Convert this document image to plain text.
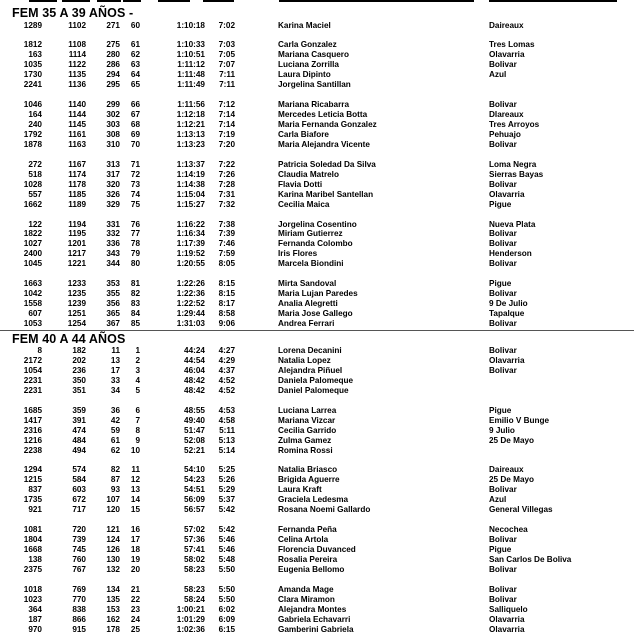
FEM 35 A 39 AÑOS -
FEM 40 A 44 AÑOS
1289	1102 271 60	1:10:18 7:02	Karina Maciel	Daireaux
1812	1108 275 61	1:10:33 7:03	Carla Gonzalez	Tres Lomas
163	1114 280 62	1:10:51 7:05	Mariana Casquero	Olavarria
1035	1122 286 63	1:11:12 7:07	Luciana Zorrilla	Bolivar
1730	1135 294 64	1:11:48 7:11	Laura Dipinto	Azul
2241	1136 295 65	1:11:49 7:11	Jorgelina Santillan
1046	1140 299 66	1:11:56 7:12	Mariana Ricabarra	Bolivar
164	1144 302 67	1:12:18 7:14	Mercedes Leticia Botta	Dlareaux
240	1145 303 68	1:12:21 7:14	Maria Fernanda Gonzalez	Tres Arroyos
1792	1161 308 69	1:13:13 7:19	Carla Biafore	Pehuajo
1878	1163 310 70	1:13:23 7:20	Maria Alejandra Vicente	Bolivar
272	1167 313 71	1:13:37 7:22	Patricia Soledad Da Silva	Loma Negra
518	1174 317 72	1:14:19 7:26	Claudia Matrelo	Sierras Bayas
1028	1178 320 73	1:14:38 7:28	Flavia Dotti	Bolivar
557	1185 326 74	1:15:04 7:31	Karina Maribel Santellan	Olavarria
1662	1189 329 75	1:15:27 7:32	Cecilia Maica	Pigue
122	1194 331 76	1:16:22 7:38	Jorgelina Cosentino	Nueva Plata
1822	1195 332 77	1:16:34 7:39	Miriam Gutierrez	Bolivar
1027	1201 336 78	1:17:39 7:46	Fernanda Colombo	Bolivar
2400	1217 343 79	1:19:52 7:59	Iris Flores	Henderson
1045	1221 344 80	1:20:55 8:05	Marcela Biondini	Bolivar
1663	1233 353 81	1:22:26 8:15	Mirta Sandoval	Pigue
1042	1235 355 82	1:22:36 8:15	Maria Lujan Paredes	Bolivar
1558	1239 356 83	1:22:52 8:17	Analia Alegretti	9 De Julio
607	1251 365 84	1:29:44 8:58	Maria Jose Gallego	Tapalque
1053	1254 367 85	1:31:03 9:06	Andrea Ferrari	Bolivar
8	182	11 1	44:24 4:27	Lorena Decanini	Bolivar
2172	202	13 2	44:54 4:29	Natalia Lopez	Olavarria
1054	236	17 3	46:04 4:37	Alejandra Piñuel	Bolivar
2231	350	33 4	48:42 4:52	Daniela Palomeque
2231	351	34 5	48:42 4:52	Daniel Palomeque
1685	359	36 6	48:55 4:53	Luciana Larrea	Pigue
1417	391	42 7	49:40 4:58	Mariana Vizcar	Emilio V Bunge
2316	474	59 8	51:47 5:11	Cecilia Garrido	9 Julio
1216	484	61 9	52:08 5:13	Zulma Gamez	25 De Mayo
2238	494	62 10	52:21 5:14	Romina Rossi
1294	574	82 11	54:10 5:25	Natalia Briasco	Daireaux
1215	584	87 12	54:23 5:26	Brigida Aguerre	25 De Mayo
837	603	93 13	54:51 5:29	Laura Kraft	Bolivar
1735	672 107 14	56:09 5:37	Graciela Ledesma	Azul
921	717 120 15	56:57 5:42	Rosana Noemi Gallardo	General Villegas
1081	720 121 16	57:02 5:42	Fernanda Peña	Necochea
1804	739 124 17	57:36 5:46	Celina Artola	Bolivar
1668	745 126 18	57:41 5:46	Florencia Duvanced	Pigue
138	760 130 19	58:02 5:48	Rosalia Pereira	San Carlos De Boliva
2375	767 132 20	58:23 5:50	Eugenia Bellomo	Bolivar
1018	769 134 21	58:23 5:50	Amanda Mage	Bolivar
1023	770 135 22	58:24 5:50	Clara Miramon	Bolivar
364	838 153 23	1:00:21 6:02	Alejandra Montes	Salliquelo
187	866 162 24	1:01:29 6:09	Gabriela Echavarri	Olavarria
970	915 178 25	1:02:36 6:15	Gamberini Gabriela	Olavarria
